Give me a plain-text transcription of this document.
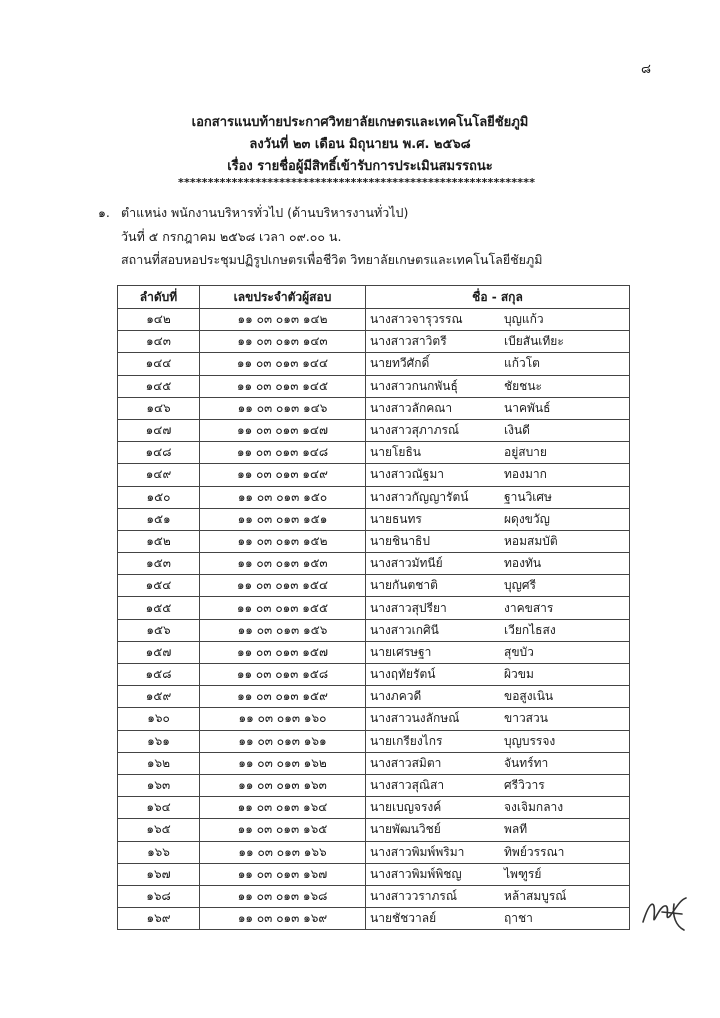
๘
เอกสารแนบท้ายประกาศวิทยาลัยเกษตรและเทคโนโลยีชัยภูมิ
ลงวันที่ ๒๓ เดือน มิถุนายน พ.ศ. ๒๕๖๘
เรื่อง รายชื่อผู้มีสิทธิ์เข้ารับการประเมินสมรรถนะ
************************************************************
๑. ตำแหน่ง พนักงานบริหารทั่วไป (ด้านบริหารงานทั่วไป)
วันที่ ๕ กรกฎาคม ๒๕๖๘ เวลา ๐๙.๐๐ น.
สถานที่สอบหอประชุมปฏิรูปเกษตรเพื่อชีวิต วิทยาลัยเกษตรและเทคโนโลยีชัยภูมิ
ลำดับที่	เลขประจำตัวผู้สอบ	ชื่อ - สกุล
๑๔๒	๑๑ ๐๓ ๐๑๓ ๑๔๒	นางสาวจารุวรรณ บุญแก้ว
๑๔๓	๑๑ ๐๓ ๐๑๓ ๑๔๓	นางสาวสาวิตรี เบียสันเทียะ
๑๔๔	๑๑ ๐๓ ๐๑๓ ๑๔๔	นายทวีศักดิ์ แก้วโต
๑๔๕	๑๑ ๐๓ ๐๑๓ ๑๔๕	นางสาวกนกพันธุ์ ชัยชนะ
๑๔๖	๑๑ ๐๓ ๐๑๓ ๑๔๖	นางสาวลักคณา นาคพันธ์
๑๔๗	๑๑ ๐๓ ๐๑๓ ๑๔๗	นางสาวสุภาภรณ์ เงินดี
๑๔๘	๑๑ ๐๓ ๐๑๓ ๑๔๘	นายโยธิน อยู่สบาย
๑๔๙	๑๑ ๐๓ ๐๑๓ ๑๔๙	นางสาวณัฐมา ทองมาก
๑๕๐	๑๑ ๐๓ ๐๑๓ ๑๕๐	นางสาวกัญญารัตน์ ฐานวิเศษ
๑๕๑	๑๑ ๐๓ ๐๑๓ ๑๕๑	นายธนทร ผดุงขวัญ
๑๕๒	๑๑ ๐๓ ๐๑๓ ๑๕๒	นายชินาธิป หอมสมบัติ
๑๕๓	๑๑ ๐๓ ๐๑๓ ๑๕๓	นางสาวมัทนีย์ ทองทัน
๑๕๔	๑๑ ๐๓ ๐๑๓ ๑๕๔	นายกันตชาติ บุญศรี
๑๕๕	๑๑ ๐๓ ๐๑๓ ๑๕๕	นางสาวสุปรียา งาคขสาร
๑๕๖	๑๑ ๐๓ ๐๑๓ ๑๕๖	นางสาวเกศินี เวียกไธสง
๑๕๗	๑๑ ๐๓ ๐๑๓ ๑๕๗	นายเศรษฐา สุขบัว
๑๕๘	๑๑ ๐๓ ๐๑๓ ๑๕๘	นางฤทัยรัตน์ ผิวขม
๑๕๙	๑๑ ๐๓ ๐๑๓ ๑๕๙	นางภควดี ขอสูงเนิน
๑๖๐	๑๑ ๐๓ ๐๑๓ ๑๖๐	นางสาวนงลักษณ์ ขาวสวน
๑๖๑	๑๑ ๐๓ ๐๑๓ ๑๖๑	นายเกรียงไกร บุญบรรจง
๑๖๒	๑๑ ๐๓ ๐๑๓ ๑๖๒	นางสาวสมิตา จันทร์ทา
๑๖๓	๑๑ ๐๓ ๐๑๓ ๑๖๓	นางสาวสุณิสา ศรีวิวาร
๑๖๔	๑๑ ๐๓ ๐๑๓ ๑๖๔	นายเบญจรงค์ จงเจิมกลาง
๑๖๕	๑๑ ๐๓ ๐๑๓ ๑๖๕	นายพัฒนวิชย์ พลที
๑๖๖	๑๑ ๐๓ ๐๑๓ ๑๖๖	นางสาวพิมพ์พริมา ทิพย์วรรณา
๑๖๗	๑๑ ๐๓ ๐๑๓ ๑๖๗	นางสาวพิมพ์พิชญ ไพฑูรย์
๑๖๘	๑๑ ๐๓ ๐๑๓ ๑๖๘	นางสาววราภรณ์ หล้าสมบูรณ์
๑๖๙	๑๑ ๐๓ ๐๑๓ ๑๖๙	นายชัชวาลย์ ฤาชา
